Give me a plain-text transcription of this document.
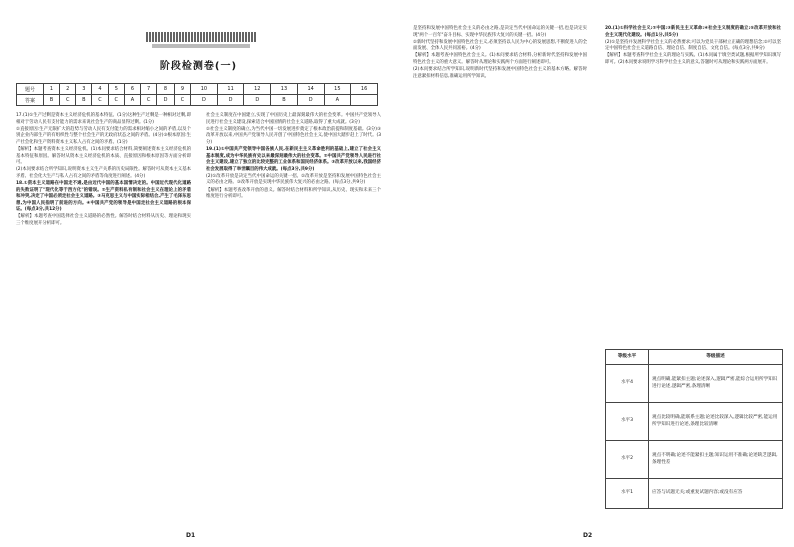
阶段检测卷(一)
题号	1	2	3	4	5	6	7	8	9	10	11	12	13	14	15	16
答案	B	C	B	C	C	A	C	D	C	D	D	D	B	D	A	

17.(1)①生产过剩是资本主义经济危机的基本特征。(1分)这种生产过剩是一种相对过剩,即相对于劳动人民有支付能力的需求来说社会生产的商品显得过剩。(1分)

②直接原因:生产无限扩大的趋势与劳动人民有支付能力的需求相对缩小之间的矛盾,以及个别企业内部生产的有组织性与整个社会生产的无政府状态之间的矛盾。(4分)③根本原因:生产社会化和生产资料资本主义私人占有之间的矛盾。(1分)

【解析】本题考查资本主义经济危机。(1)本问要求结合材料,简要阐述资本主义经济危机的基本特征和原因。解答时从资本主义经济危机的本质、直接原因和根本原因等方面分析即可。

(2)本问要求结合所学知识,说明资本主义生产关系的历史局限性。解答时可从资本主义基本矛盾、社会化大生产与私人占有之间的矛盾等角度进行阐述。(4分)

18.①资本主义道路在中国走不通,是由近代中国的基本国情决定的。中国近代现代化道路的失败证明了"现代化等于西方化"的错误。②生产资料私有制和社会主义在理论上的矛盾和冲突,决定了中国必须走社会主义道路。③马克思主义与中国实际相结合,产生了毛泽东思想,为中国人民指明了前进的方向。④中国共产党的领导是中国走社会主义道路的根本保证。(每点3分,共12分)

【解析】本题考查中国选择社会主义道路的必然性。解答时结合材料从历史、理论和现实三个维度展开分析即可。

社会主义制度在中国建立,实现了中国历史上最深刻最伟大的社会变革。中国共产党领导人民进行社会主义建设,探索适合中国国情的社会主义道路,取得了重大成就。(3分)

②社会主义制度的确立,为当代中国一切发展进步奠定了根本政治前提和制度基础。(3分)③改革开放以来,中国共产党领导人民开创了中国特色社会主义,使中国大踏步赶上了时代。(3分)

19.(1)①中国共产党领导中国各族人民,在新民主主义革命胜利的基础上,建立了社会主义基本制度,成为中华民族有史以来最深刻最伟大的社会变革。②中国共产党领导人民进行社会主义建设,建立了独立的比较完整的工业体系和国民经济体系。③改革开放以来,我国经济社会发展取得了举世瞩目的伟大成就。(每点3分,共9分)

(2)①改革开放是决定当代中国命运的关键一招。②改革开放是坚持和发展中国特色社会主义的必由之路。③改革开放是实现中华民族伟大复兴的必由之路。(每点3分,共9分)

【解析】本题考查改革开放的意义。解答时结合材料和所学知识,从历史、现实和未来三个维度进行分析即可。

D1

是坚持和发展中国特色社会主义的必由之路,是决定当代中国命运的关键一招,也是决定实现"两个一百年"奋斗目标、实现中华民族伟大复兴的关键一招。(4分)

②新时代坚持和发展中国特色社会主义,必须坚持以人民为中心的发展思想,不断促进人的全面发展、全体人民共同富裕。(4分)

【解析】本题考查中国特色社会主义。(1)本问要求结合材料,分析新时代坚持和发展中国特色社会主义的重大意义。解答时从理论和实践两个方面进行阐述即可。

(2)本问要求结合所学知识,说明新时代坚持和发展中国特色社会主义的基本方略。解答时注意紧扣材料信息,准确运用所学知识。

20.(1)①科学社会主义:②中国:③新民主主义革命:④社会主义制度的确立:⑤改革开放和社会主义现代化建设。(每点1分,共5分)

(2)①是坚持并发展科学社会主义的必然要求;可以为党员干部树立正确的理想信念;②可以坚定中国特色社会主义道路自信、理论自信、制度自信、文化自信。(每点3分,共9分)

【解析】本题考查科学社会主义的理论与实践。(1)本问属于填空类试题,根据所学知识填写即可。(2)本问要求说明学习科学社会主义的意义,答题时可从理论和实践两方面展开。

D2
等级水平	等级描述
水平4	观点明确,能紧扣主题;论述深入,逻辑严密,能综合运用所学知识进行论述,逻辑严密,条理清晰
水平3	观点比较明确,能联系主题;论述比较深入,逻辑比较严密,能运用所学知识进行论述,条理比较清晰
水平2	观点不明确;论述不能紧扣主题;知识运用不准确;论述缺乏逻辑,条理性差
水平1	应答与试题无关;或重复试题内容;或没有应答
